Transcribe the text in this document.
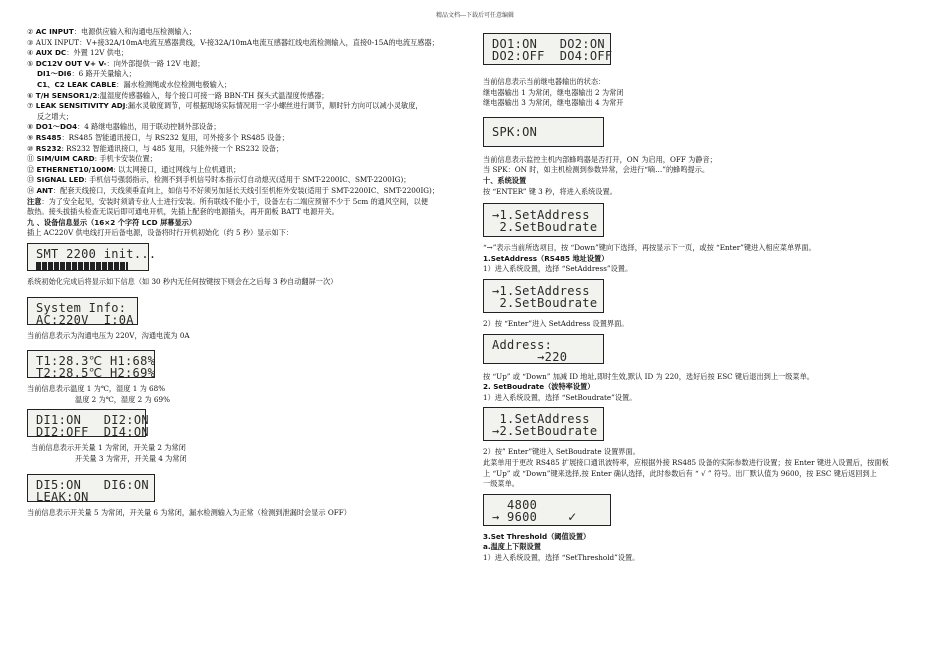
精品文档---下载后可任意编辑
② AC INPUT：电源供应输入和沟通电压检测输入；
③ AUX INPUT：V+接32A/10mA电流互感器黄线，V-接32A/10mA电流互感器红线电流检测输入，直接0-15A的电流互感器；
④ AUX DC：外置 12V 供电；
⑤ DC12V OUT V+ V-：向外部提供一路 12V 电源；
DI1～DI6：6 路开关量输入；
C1、C2 LEAK CABLE：漏水检测绳或水位检测电极输入；
⑥ T/H SENSOR1/2:温湿度传感器输入，每个接口可接一路 BBN-TH 探头式温湿度传感器；
⑦ LEAK SENSITIVITY ADJ:漏水灵敏度调节，可根据现场实际情况用一字小螺丝进行调节，顺时针方向可以减小灵敏度，
反之增大；
⑧ DO1～DO4：4 路继电器输出，用于联动控制外部设备；
⑨ RS485：RS485 智能通讯接口，与 RS232 复用，可外接多个 RS485 设备；
⑩ RS232: RS232 智能通讯接口，与 485 复用，只能外接一个 RS232 设备；
⑪ SIM/UIM CARD: 手机卡安装位置；
⑫ ETHERNET10/100M: 以太网接口，通过网线与上位机通讯；
⑬ SIGNAL LED: 手机信号强弱指示，检测不到手机信号时本指示灯自动熄灭(适用于 SMT-2200IC、SMT-2200IG)；
⑭ ANT：配套天线接口，天线须垂直向上，如信号不好须另加延长天线引至机柜外安装(适用于 SMT-2200IC、SMT-2200IG)；
注意：为了安全起见，安装时须请专业人士进行安装。所有联线不能小于，设备左右二端应预留不少于 5cm 的通风空间，以便
散热。接头拔插头检查无误后即可通电开机，先插上配套的电源插头，再开面板 BATT 电源开关。
九 、设备信息显示（16×2 个字符 LCD 屏幕显示）
插上 AC220V 供电线打开后备电源，设备将时行开机初始化（约 5 秒）显示如下：
SMT 2200 init...
系统初始化完成后将显示如下信息（如 30 秒内无任何按键按下则会在之后每 3 秒自动翻屏一次）
System Info:
AC:220V  I:0A
当前信息表示为沟通电压为 220V，沟通电流为 0A
T1:28.3℃ H1:68%
T2:28.5℃ H2:69%
当前信息表示温度 1 为℃，湿度 1 为 68%
温度 2 为℃，湿度 2 为 69%
DI1:ON   DI2:ON
DI2:OFF  DI4:ON
当前信息表示开关量 1 为常闭，开关量 2 为常闭
开关量 3 为常开，开关量 4 为常闭
DI5:ON   DI6:ON
LEAK:ON
当前信息表示开关量 5 为常闭，开关量 6 为常闭，漏水检测输入为正常（检测到泄漏时会显示 OFF）
DO1:ON   DO2:ON
DO2:OFF  DO4:OFF
当前信息表示当前继电器输出的状态：
继电器输出 1 为常闭，继电器输出 2 为常闭
继电器输出 3 为常闭，继电器输出 4 为常开
SPK:ON
当前信息表示监控主机内部蜂鸣器是否打开，ON 为启用，OFF 为静音；
当 SPK：ON 时，如主机检测到参数异常，会进行“嘀…”的蜂鸣提示。
十、系统设置
按 “ENTER” 键 3 秒，将进入系统设置。
→1.SetAddress
2.SetBoudrate
“→”表示当前所选项目，按 “Down”键向下选择，再按显示下一页，或按 “Enter”键进入相应菜单界面。
1.SetAddress（RS485 地址设置）
1）进入系统设置，选择 “SetAddress”设置。
→1.SetAddress
2.SetBoudrate
2）按 “Enter”进入 SetAddress 设置界面。
Address:
→220
按 “Up” 或 “Down” 加减 ID 地址,即时生效,默认 ID 为 220，选好后按 ESC 键后退出到上一级菜单。
2. SetBoudrate（波特率设置）
1）进入系统设置，选择 “SetBoudrate”设置。
1.SetAddress
→2.SetBoudrate
2）按” Enter”键进入 SetBoudrate 设置界面。
此菜单用于更改 RS485 扩展接口通讯波特率，应根据外接 RS485 设备的实际参数进行设置；按 Enter 键进入设置后，按面板
上 “Up” 或 “Down”键来选择,按 Enter 确认选择，此时参数后有 “ √ ” 符号。出厂默认值为 9600，按 ESC 键后返回到上
一级菜单。
4800
→ 9600	✓
3.Set Threshold（阈值设置）
a.温度上下限设置
1）进入系统设置，选择 “SetThreshold”设置。
